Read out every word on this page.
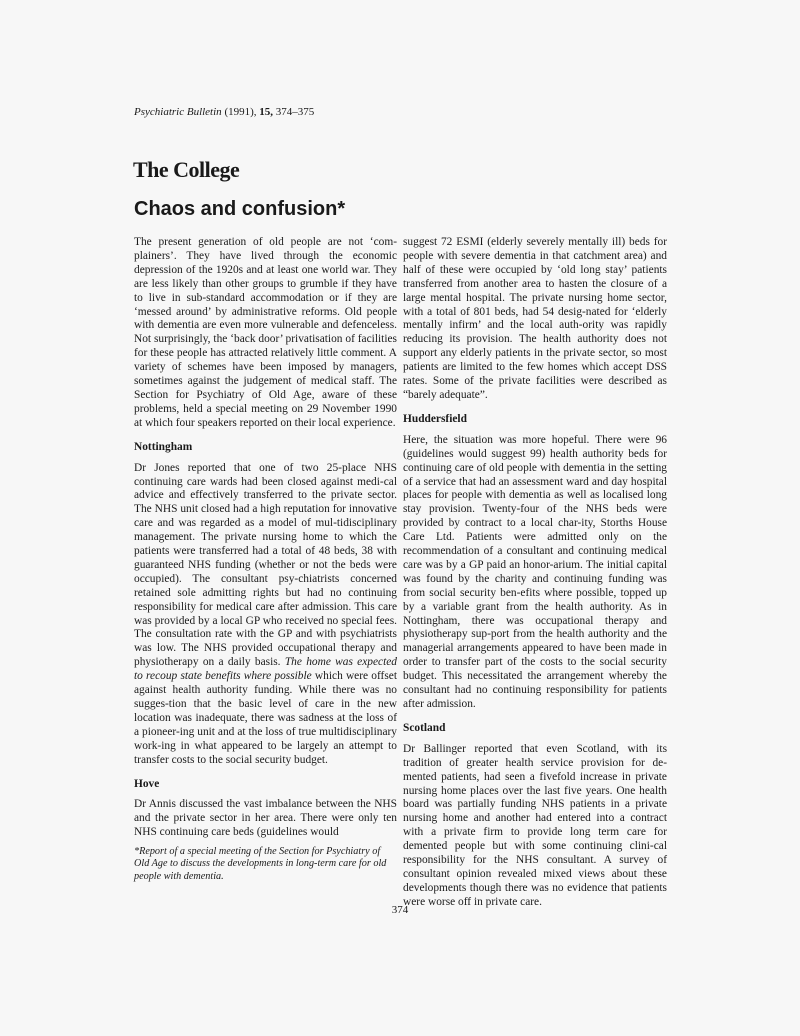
Psychiatric Bulletin (1991), 15, 374–375
The College
Chaos and confusion*

The present generation of old people are not ‘com-plainers’. They have lived through the economic depression of the 1920s and at least one world war. They are less likely than other groups to grumble if they have to live in sub-standard accommodation or if they are ‘messed around’ by administrative reforms. Old people with dementia are even more vulnerable and defenceless. Not surprisingly, the ‘back door’ privatisation of facilities for these people has attracted relatively little comment. A variety of schemes have been imposed by managers, sometimes against the judgement of medical staff. The Section for Psychiatry of Old Age, aware of these problems, held a special meeting on 29 November 1990 at which four speakers reported on their local experience.

Nottingham

Dr Jones reported that one of two 25-place NHS continuing care wards had been closed against medi-cal advice and effectively transferred to the private sector. The NHS unit closed had a high reputation for innovative care and was regarded as a model of mul-tidisciplinary management. The private nursing home to which the patients were transferred had a total of 48 beds, 38 with guaranteed NHS funding (whether or not the beds were occupied). The consultant psy-chiatrists concerned retained sole admitting rights but had no continuing responsibility for medical care after admission. This care was provided by a local GP who received no special fees. The consultation rate with the GP and with psychiatrists was low. The NHS provided occupational therapy and physiotherapy on a daily basis. The home was expected to recoup state benefits where possible which were offset against health authority funding. While there was no sugges-tion that the basic level of care in the new location was inadequate, there was sadness at the loss of a pioneer-ing unit and at the loss of true multidisciplinary work-ing in what appeared to be largely an attempt to transfer costs to the social security budget.

Hove

Dr Annis discussed the vast imbalance between the NHS and the private sector in her area. There were only ten NHS continuing care beds (guidelines would

*Report of a special meeting of the Section for Psychiatry of Old Age to discuss the developments in long-term care for old people with dementia.

suggest 72 ESMI (elderly severely mentally ill) beds for people with severe dementia in that catchment area) and half of these were occupied by ‘old long stay’ patients transferred from another area to hasten the closure of a large mental hospital. The private nursing home sector, with a total of 801 beds, had 54 desig-nated for ‘elderly mentally infirm’ and the local auth-ority was rapidly reducing its provision. The health authority does not support any elderly patients in the private sector, so most patients are limited to the few homes which accept DSS rates. Some of the private facilities were described as “barely adequate”.

Huddersfield

Here, the situation was more hopeful. There were 96 (guidelines would suggest 99) health authority beds for continuing care of old people with dementia in the setting of a service that had an assessment ward and day hospital places for people with dementia as well as localised long stay provision. Twenty-four of the NHS beds were provided by contract to a local char-ity, Storths House Care Ltd. Patients were admitted only on the recommendation of a consultant and continuing medical care was by a GP paid an honor-arium. The initial capital was found by the charity and continuing funding was from social security ben-efits where possible, topped up by a variable grant from the health authority. As in Nottingham, there was occupational therapy and physiotherapy sup-port from the health authority and the managerial arrangements appeared to have been made in order to transfer part of the costs to the social security budget. This necessitated the arrangement whereby the consultant had no continuing responsibility for patients after admission.

Scotland

Dr Ballinger reported that even Scotland, with its tradition of greater health service provision for de-mented patients, had seen a fivefold increase in private nursing home places over the last five years. One health board was partially funding NHS patients in a private nursing home and another had entered into a contract with a private firm to provide long term care for demented people but with some continuing clini-cal responsibility for the NHS consultant. A survey of consultant opinion revealed mixed views about these developments though there was no evidence that patients were worse off in private care.

374
